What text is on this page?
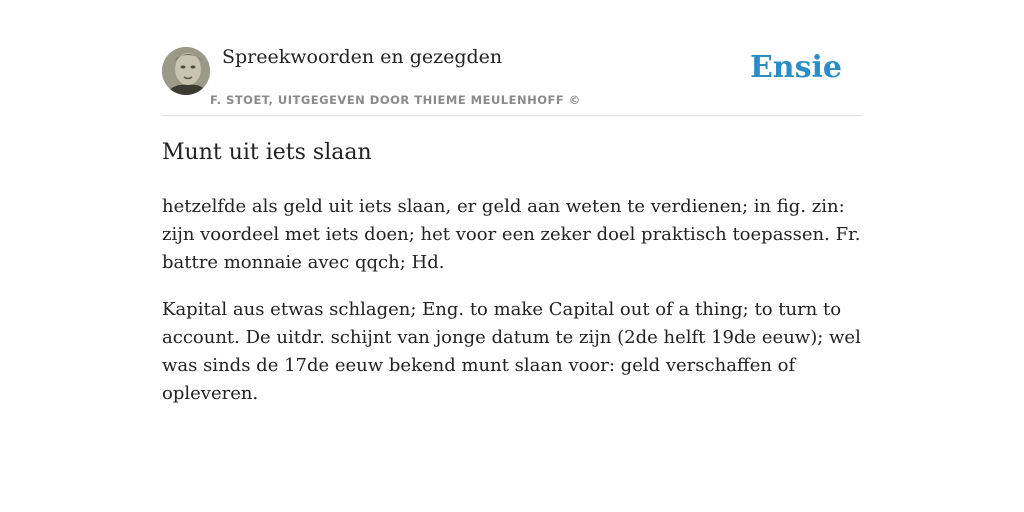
Spreekwoorden en gezegden
F. STOET, UITGEGEVEN DOOR THIEME MEULENHOFF ©
Ensie
Munt uit iets slaan

hetzelfde als geld uit iets slaan, er geld aan weten te verdienen; in fig. zin: zijn voordeel met iets doen; het voor een zeker doel praktisch toepassen. Fr. battre monnaie avec qqch; Hd.

Kapital aus etwas schlagen; Eng. to make Capital out of a thing; to turn to account. De uitdr. schijnt van jonge datum te zijn (2de helft 19de eeuw); wel was sinds de 17de eeuw bekend munt slaan voor: geld verschaffen of opleveren.
